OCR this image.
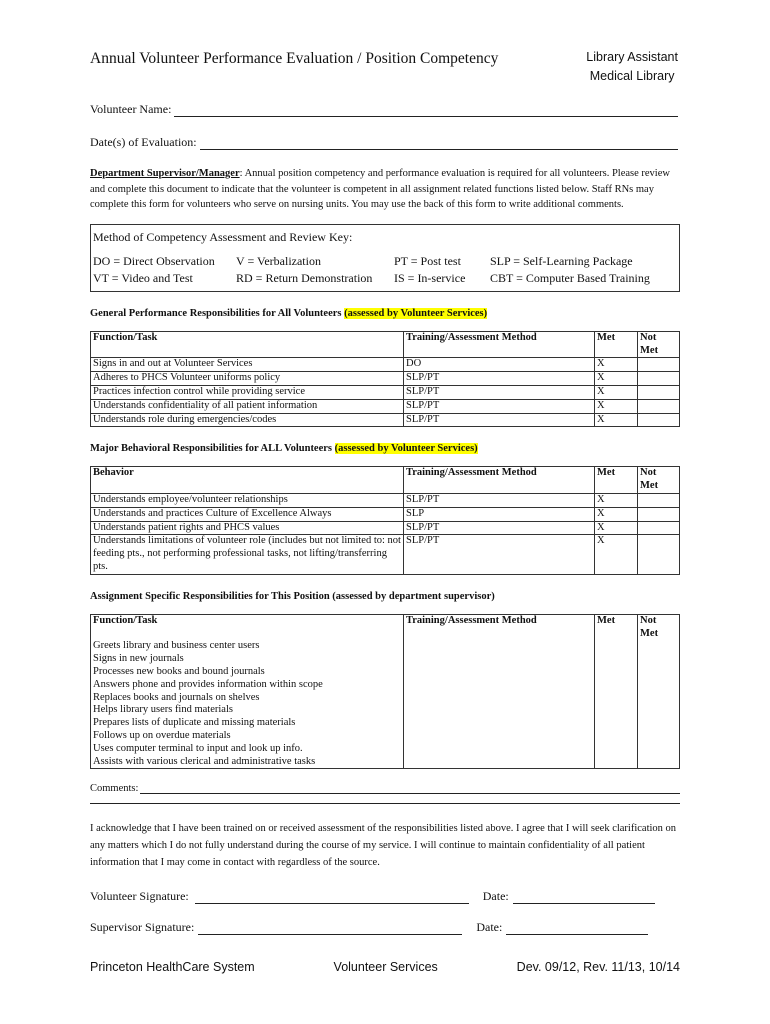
Annual Volunteer Performance Evaluation / Position Competency	Library Assistant
Medical Library
Volunteer Name:
Date(s) of Evaluation:
Department Supervisor/Manager: Annual position competency and performance evaluation is required for all volunteers. Please review and complete this document to indicate that the volunteer is competent in all assignment related functions listed below. Staff RNs may complete this form for volunteers who serve on nursing units. You may use the back of this form to write additional comments.
Method of Competency Assessment and Review Key:
DO = Direct Observation	V = Verbalization	PT = Post test	SLP = Self-Learning Package
VT = Video and Test	RD = Return Demonstration	IS = In-service	CBT = Computer Based Training
General Performance Responsibilities for All Volunteers (assessed by Volunteer Services)
Function/Task	Training/Assessment Method	Met	Not Met
Signs in and out at Volunteer Services	DO	X	
Adheres to PHCS Volunteer uniforms policy	SLP/PT	X	
Practices infection control while providing service	SLP/PT	X	
Understands confidentiality of all patient information	SLP/PT	X	
Understands role during emergencies/codes	SLP/PT	X	
Major Behavioral Responsibilities for ALL Volunteers (assessed by Volunteer Services)
Behavior	Training/Assessment Method	Met	Not Met
Understands employee/volunteer relationships	SLP/PT	X	
Understands and practices Culture of Excellence Always	SLP	X	
Understands patient rights and PHCS values	SLP/PT	X	
Understands limitations of volunteer role (includes but not limited to: not feeding pts., not performing professional tasks, not lifting/transferring pts.	SLP/PT	X	
Assignment Specific Responsibilities for This Position (assessed by department supervisor)
Function/Task	Training/Assessment Method	Met	Not Met
Greets library and business center users			
Signs in new journals			
Processes new books and bound journals			
Answers phone and provides information within scope			
Replaces books and journals on shelves			
Helps library users find materials			
Prepares lists of duplicate and missing materials			
Follows up on overdue materials			
Uses computer terminal to input and look up info.			
Assists with various clerical and administrative tasks			
Comments:
I acknowledge that I have been trained on or received assessment of the responsibilities listed above. I agree that I will seek clarification on any matters which I do not fully understand during the course of my service. I will continue to maintain confidentiality of all patient information that I may come in contact with regardless of the source.
Volunteer Signature:	Date:
Supervisor Signature:	Date:
Princeton HealthCare System	Volunteer Services	Dev. 09/12, Rev. 11/13, 10/14
